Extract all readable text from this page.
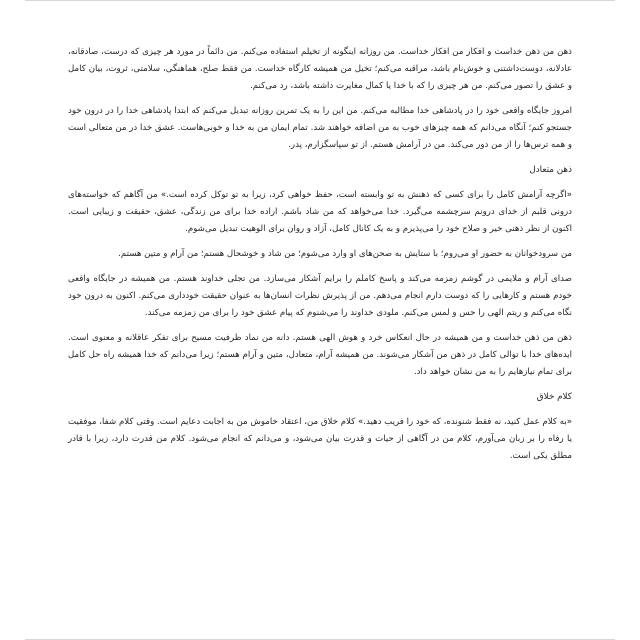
ذهن من ذهن خداست و افکار من افکار خداست. من روزانه اینگونه از تخیلم استفاده می‌کنم. من دائماً در مورد هر چیزی که درست، صادقانه، عادلانه، دوست‌داشتنی و خوش‌نام باشد، مراقبه می‌کنم؛ تخیل من همیشه کارگاه خداست. من فقط صلح، هماهنگی، سلامتی، ثروت، بیان کامل و عشق را تصور می‌کنم. من هر چیزی را که با خدا یا کمال مغایرت داشته باشد، رد می‌کنم.

امروز جایگاه واقعی خود را در پادشاهی خدا مطالبه می‌کنم. من این را به یک تمرین روزانه تبدیل می‌کنم که ابتدا پادشاهی خدا را در درون خود جستجو کنم؛ آنگاه می‌دانم که همه چیزهای خوب به من اضافه خواهند شد. تمام ایمان من به خدا و خوبی‌هاست. عشق خدا در من متعالی است و همه ترس‌ها را از من دور می‌کند. من در آرامش هستم. از تو سپاسگزارم، پدر.

ذهن متعادل

«اگرچه آرامش کامل را برای کسی که ذهنش به تو وابسته است، حفظ خواهی کرد، زیرا به تو توکل کرده است.» من آگاهم که خواسته‌های درونی قلبم از خدای درونم سرچشمه می‌گیرد. خدا می‌خواهد که من شاد باشم. اراده خدا برای من زندگی، عشق، حقیقت و زیبایی است. اکنون از نظر ذهنی خیر و صلاح خود را می‌پذیرم و به یک کانال کامل، آزاد و روان برای الوهیت تبدیل می‌شوم.

من سرودخوانان به حضور او می‌روم؛ با ستایش به صحن‌های او وارد می‌شوم؛ من شاد و خوشحال هستم؛ من آرام و متین هستم.

صدای آرام و ملایمی در گوشم زمزمه می‌کند و پاسخ کاملم را برایم آشکار می‌سازد. من تجلی خداوند هستم. من همیشه در جایگاه واقعی خودم هستم و کارهایی را که دوست دارم انجام می‌دهم. من از پذیرش نظرات انسان‌ها به عنوان حقیقت خودداری می‌کنم. اکنون به درون خود نگاه می‌کنم و ریتم الهی را حس و لمس می‌کنم. ملودی خداوند را می‌شنوم که پیام عشق خود را برای من زمزمه می‌کند.

ذهن من ذهن خداست و من همیشه در حال انعکاس خرد و هوش الهی هستم. دانه من نماد ظرفیت مسیح برای تفکر عاقلانه و معنوی است. ایده‌های خدا با توالی کامل در ذهن من آشکار می‌شوند. من همیشه آرام، متعادل، متین و آرام هستم؛ زیرا می‌دانم که خدا همیشه راه حل کامل برای تمام نیازهایم را به من نشان خواهد داد.

کلام خلاق

«به کلام عمل کنید، نه فقط شنونده، که خود را فریب دهید.» کلام خلاق من، اعتقاد خاموش من به اجابت دعایم است. وقتی کلام شفا، موفقیت یا رفاه را بر زبان می‌آورم، کلام من در آگاهی از حیات و قدرت بیان می‌شود، و می‌دانم که انجام می‌شود. کلام من قدرت دارد، زیرا با قادر مطلق یکی است.
